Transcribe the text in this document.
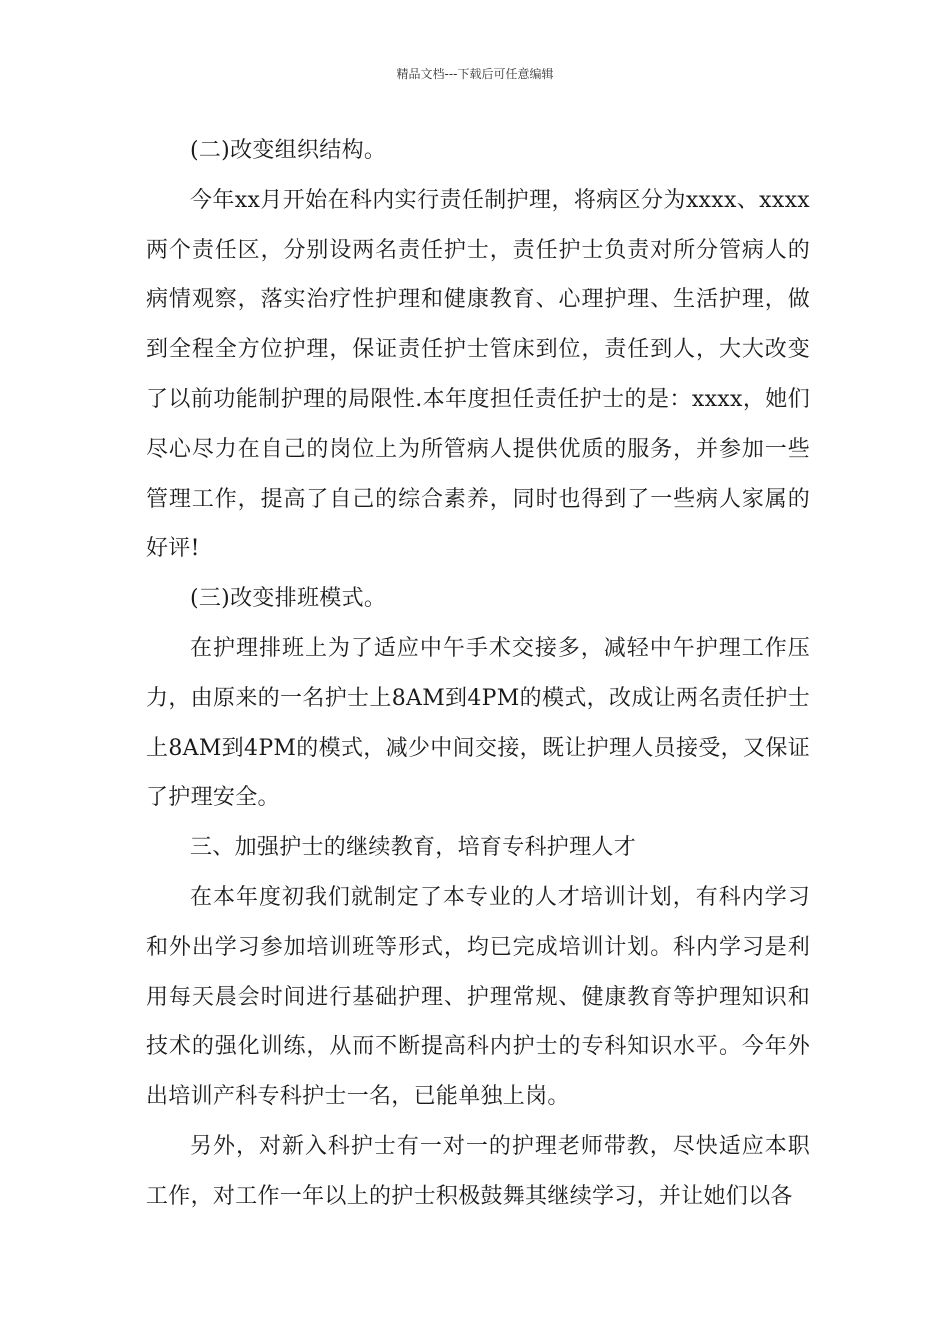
精品文档---下载后可任意编辑

(二)改变组织结构。

今年xx月开始在科内实行责任制护理，将病区分为xxxx、xxxx两个责任区，分别设两名责任护士，责任护士负责对所分管病人的病情观察，落实治疗性护理和健康教育、心理护理、生活护理，做到全程全方位护理，保证责任护士管床到位，责任到人，大大改变了以前功能制护理的局限性.本年度担任责任护士的是：xxxx，她们尽心尽力在自己的岗位上为所管病人提供优质的服务，并参加一些管理工作，提高了自己的综合素养，同时也得到了一些病人家属的好评!

(三)改变排班模式。

在护理排班上为了适应中午手术交接多，减轻中午护理工作压力，由原来的一名护士上8AM到4PM的模式，改成让两名责任护士上8AM到4PM的模式，减少中间交接，既让护理人员接受，又保证了护理安全。

三、加强护士的继续教育，培育专科护理人才

在本年度初我们就制定了本专业的人才培训计划，有科内学习和外出学习参加培训班等形式，均已完成培训计划。科内学习是利用每天晨会时间进行基础护理、护理常规、健康教育等护理知识和技术的强化训练，从而不断提高科内护士的专科知识水平。今年外出培训产科专科护士一名，已能单独上岗。

另外，对新入科护士有一对一的护理老师带教，尽快适应本职工作，对工作一年以上的护士积极鼓舞其继续学习，并让她们以各
